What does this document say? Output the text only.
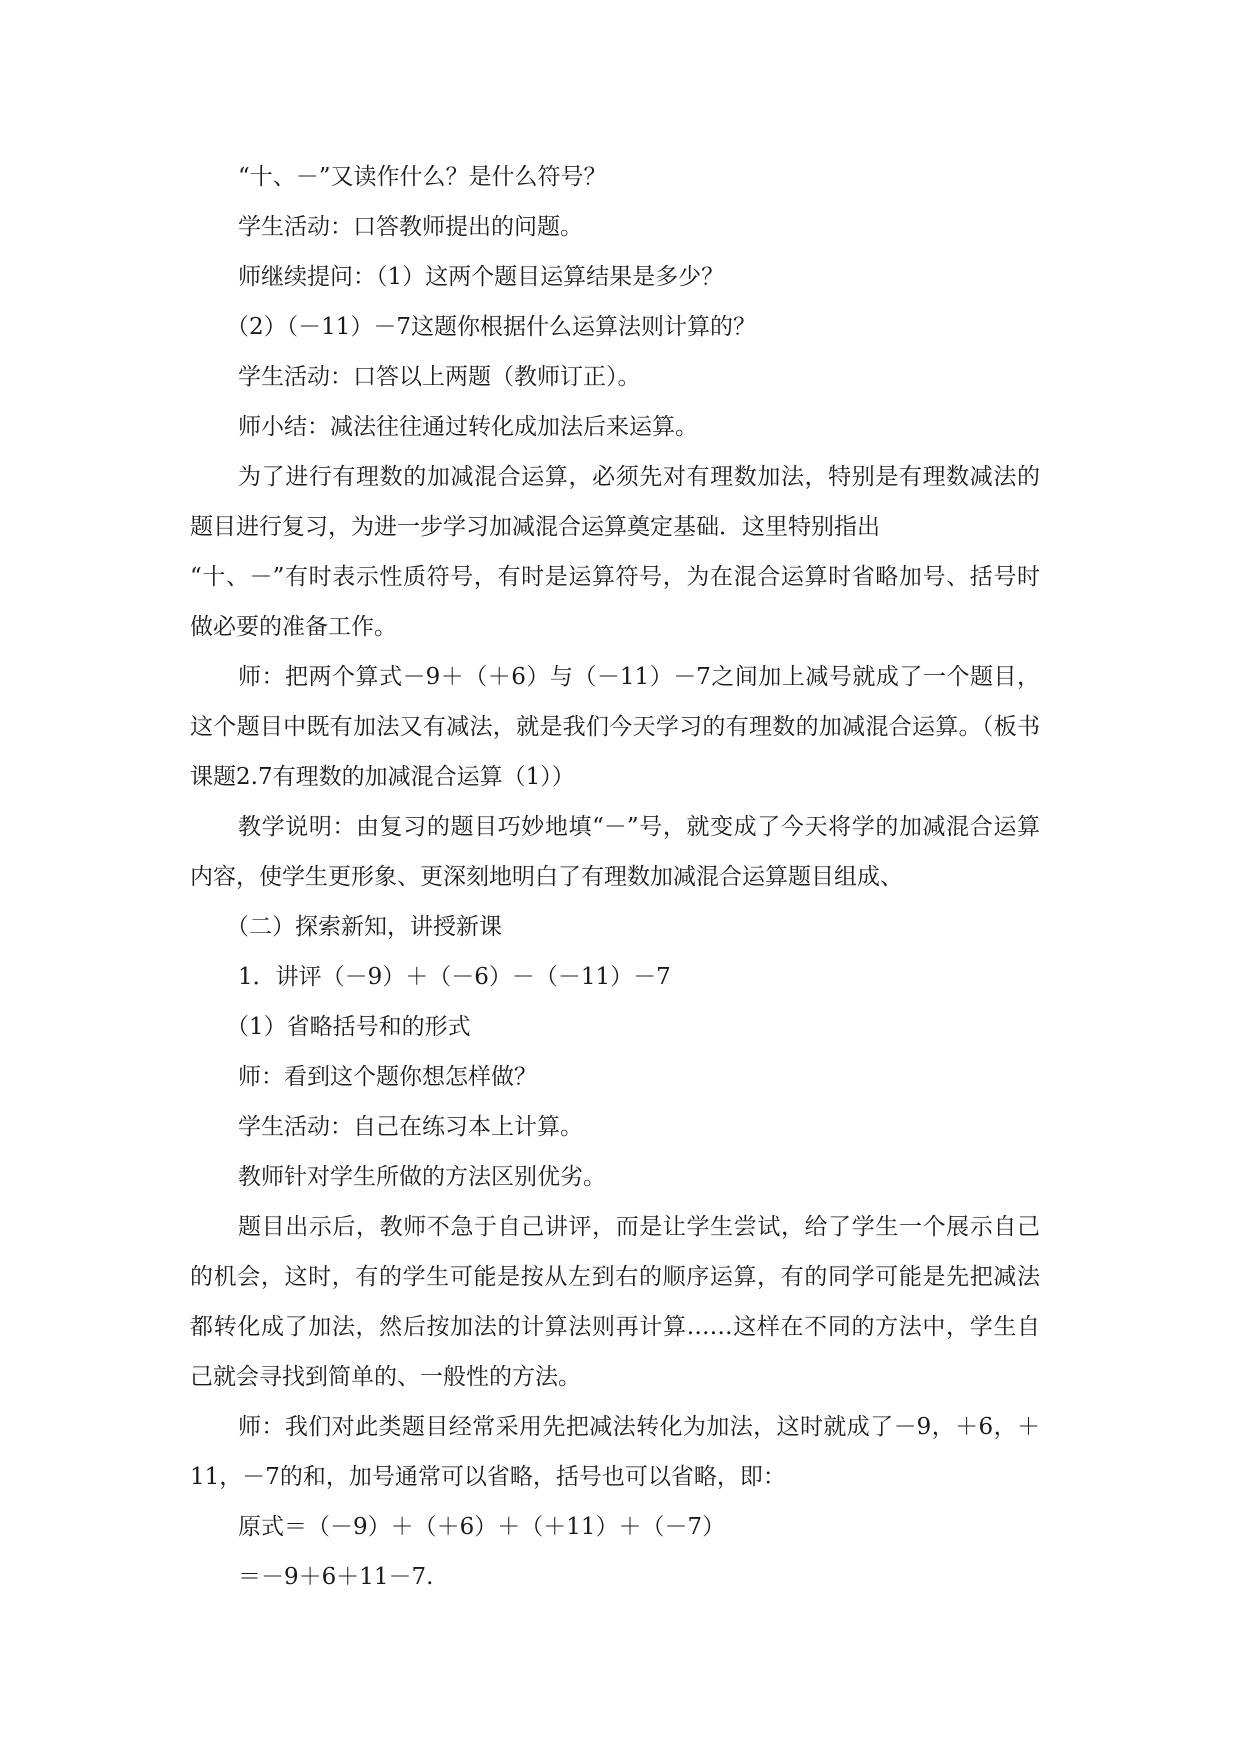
“十、－”又读作什么？是什么符号？

学生活动：口答教师提出的问题。

师继续提问：（1）这两个题目运算结果是多少？

（2）（－11）－7这题你根据什么运算法则计算的？

学生活动：口答以上两题（教师订正）。

师小结：减法往往通过转化成加法后来运算。

为了进行有理数的加减混合运算，必须先对有理数加法，特别是有理数减法的题目进行复习，为进一步学习加减混合运算奠定基础．这里特别指出

“十、－”有时表示性质符号，有时是运算符号，为在混合运算时省略加号、括号时做必要的准备工作。

师：把两个算式－9＋（＋6）与（－11）－7之间加上减号就成了一个题目，这个题目中既有加法又有减法，就是我们今天学习的有理数的加减混合运算。（板书课题2.7有理数的加减混合运算（1））

教学说明：由复习的题目巧妙地填“－”号，就变成了今天将学的加减混合运算内容，使学生更形象、更深刻地明白了有理数加减混合运算题目组成、

（二）探索新知，讲授新课

1．讲评（－9）＋（－6）－（－11）－7

（1）省略括号和的形式

师：看到这个题你想怎样做？

学生活动：自己在练习本上计算。

教师针对学生所做的方法区别优劣。

题目出示后，教师不急于自己讲评，而是让学生尝试，给了学生一个展示自己的机会，这时，有的学生可能是按从左到右的顺序运算，有的同学可能是先把减法都转化成了加法，然后按加法的计算法则再计算……这样在不同的方法中，学生自己就会寻找到简单的、一般性的方法。

师：我们对此类题目经常采用先把减法转化为加法，这时就成了－9，＋6，＋11，－7的和，加号通常可以省略，括号也可以省略，即：

原式＝（－9）＋（＋6）＋（＋11）＋（－7）

＝－9＋6＋11－7.
